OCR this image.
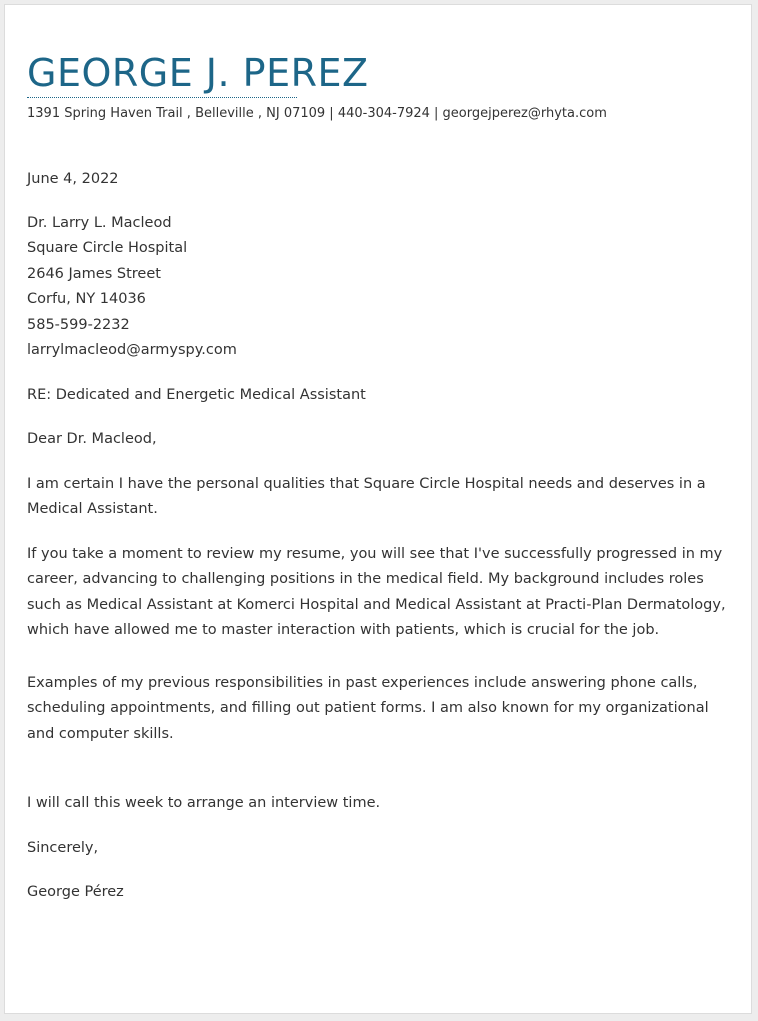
GEORGE J. PEREZ
1391 Spring Haven Trail , Belleville , NJ 07109 | 440-304-7924 | georgejperez@rhyta.com

June 4, 2022

Dr. Larry L. Macleod
Square Circle Hospital
2646 James Street
Corfu, NY 14036
585-599-2232
larrylmacleod@armyspy.com

RE: Dedicated and Energetic Medical Assistant

Dear Dr. Macleod,

I am certain I have the personal qualities that Square Circle Hospital needs and deserves in a Medical Assistant.

If you take a moment to review my resume, you will see that I've successfully progressed in my career, advancing to challenging positions in the medical field. My background includes roles such as Medical Assistant at Komerci Hospital and Medical Assistant at Practi-Plan Dermatology, which have allowed me to master interaction with patients, which is crucial for the job.

Examples of my previous responsibilities in past experiences include answering phone calls, scheduling appointments, and filling out patient forms. I am also known for my organizational and computer skills.

I will call this week to arrange an interview time.

Sincerely,

George Pérez
